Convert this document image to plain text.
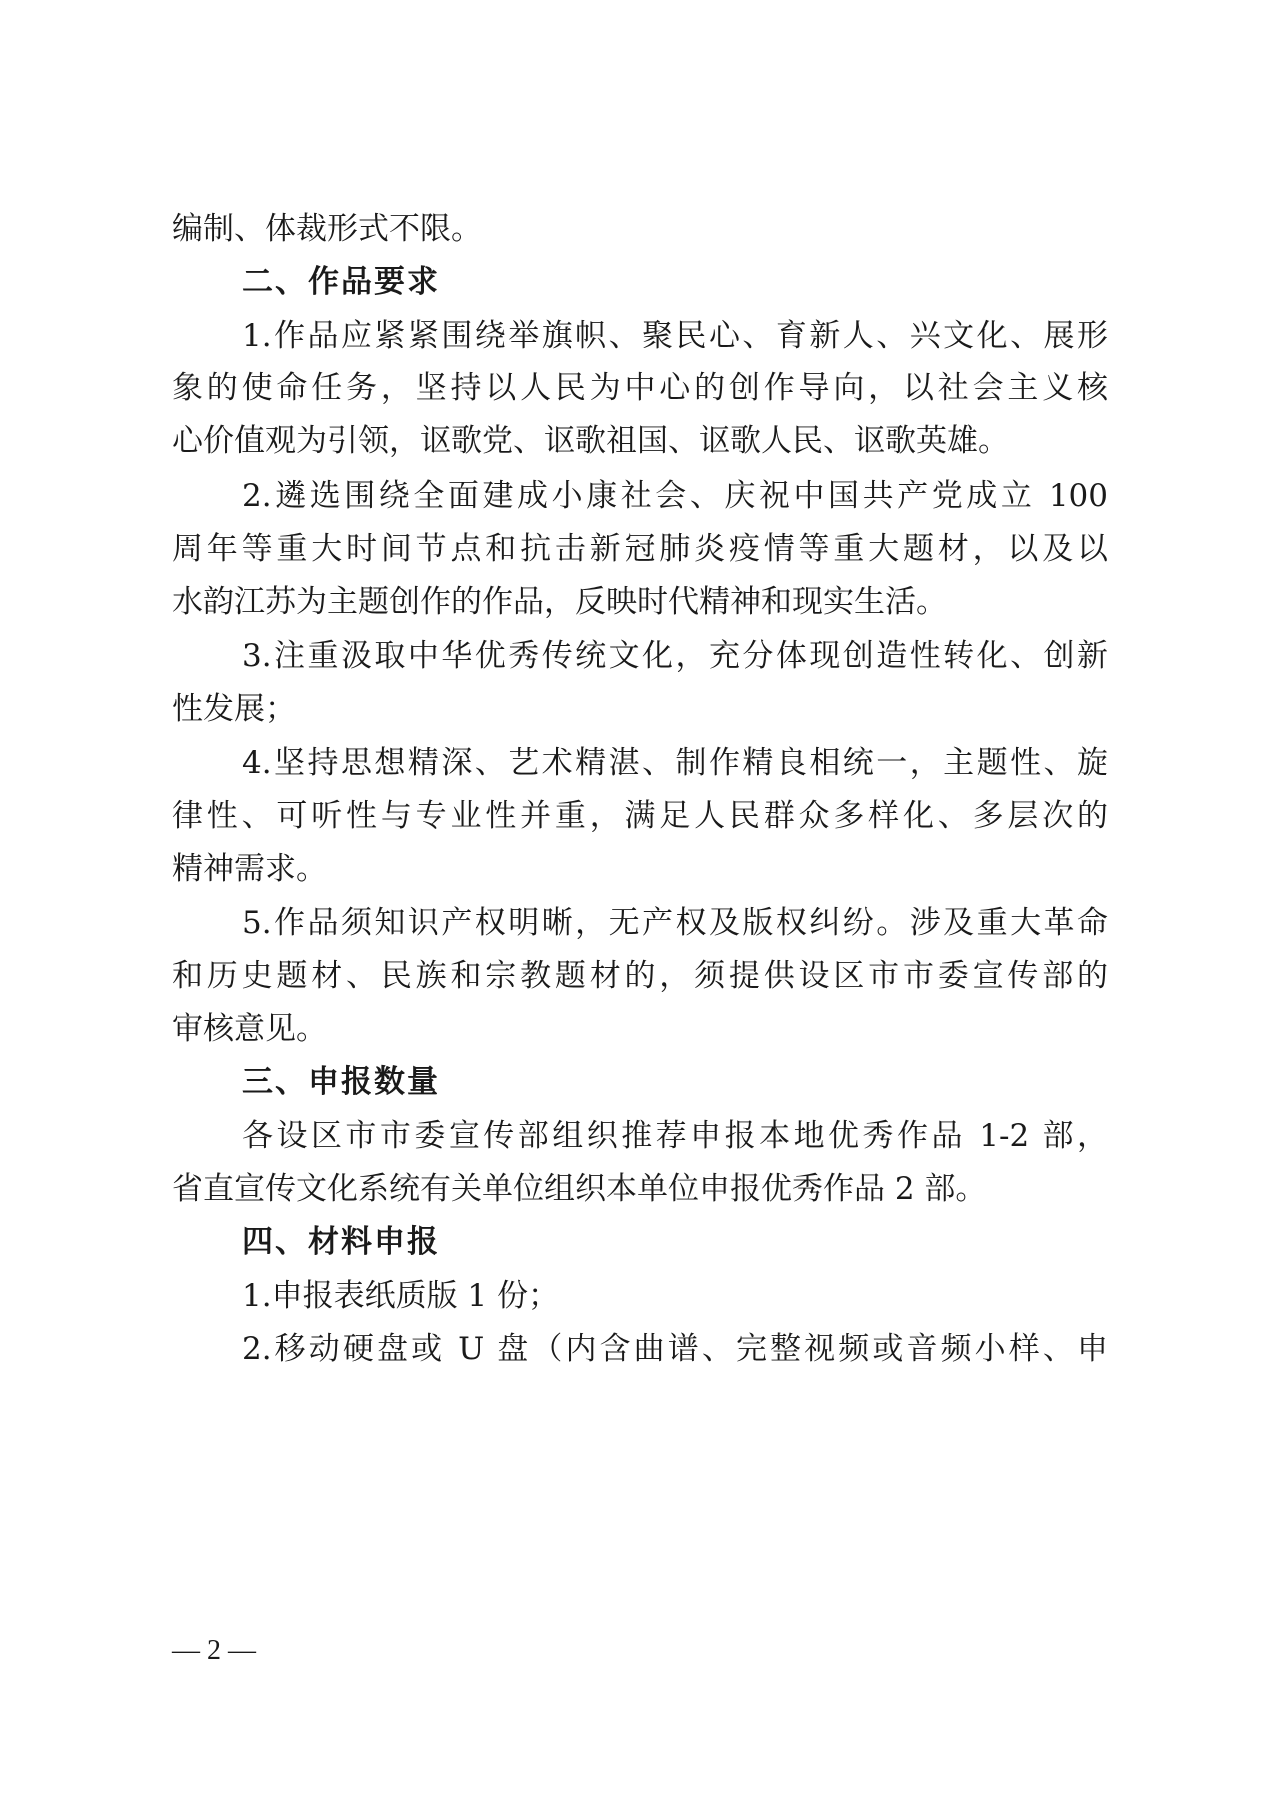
编制、体裁形式不限。
二、作品要求
1.作品应紧紧围绕举旗帜、聚民心、育新人、兴文化、展形
象的使命任务，坚持以人民为中心的创作导向，以社会主义核
心价值观为引领，讴歌党、讴歌祖国、讴歌人民、讴歌英雄。
2.遴选围绕全面建成小康社会、庆祝中国共产党成立 100
周年等重大时间节点和抗击新冠肺炎疫情等重大题材，以及以
水韵江苏为主题创作的作品，反映时代精神和现实生活。
3.注重汲取中华优秀传统文化，充分体现创造性转化、创新
性发展；
4.坚持思想精深、艺术精湛、制作精良相统一，主题性、旋
律性、可听性与专业性并重，满足人民群众多样化、多层次的
精神需求。
5.作品须知识产权明晰，无产权及版权纠纷。涉及重大革命
和历史题材、民族和宗教题材的，须提供设区市市委宣传部的
审核意见。
三、申报数量
各设区市市委宣传部组织推荐申报本地优秀作品 1-2 部，
省直宣传文化系统有关单位组织本单位申报优秀作品 2 部。
四、材料申报
1.申报表纸质版 1 份；
2.移动硬盘或 U 盘（内含曲谱、完整视频或音频小样、申
— 2 —
